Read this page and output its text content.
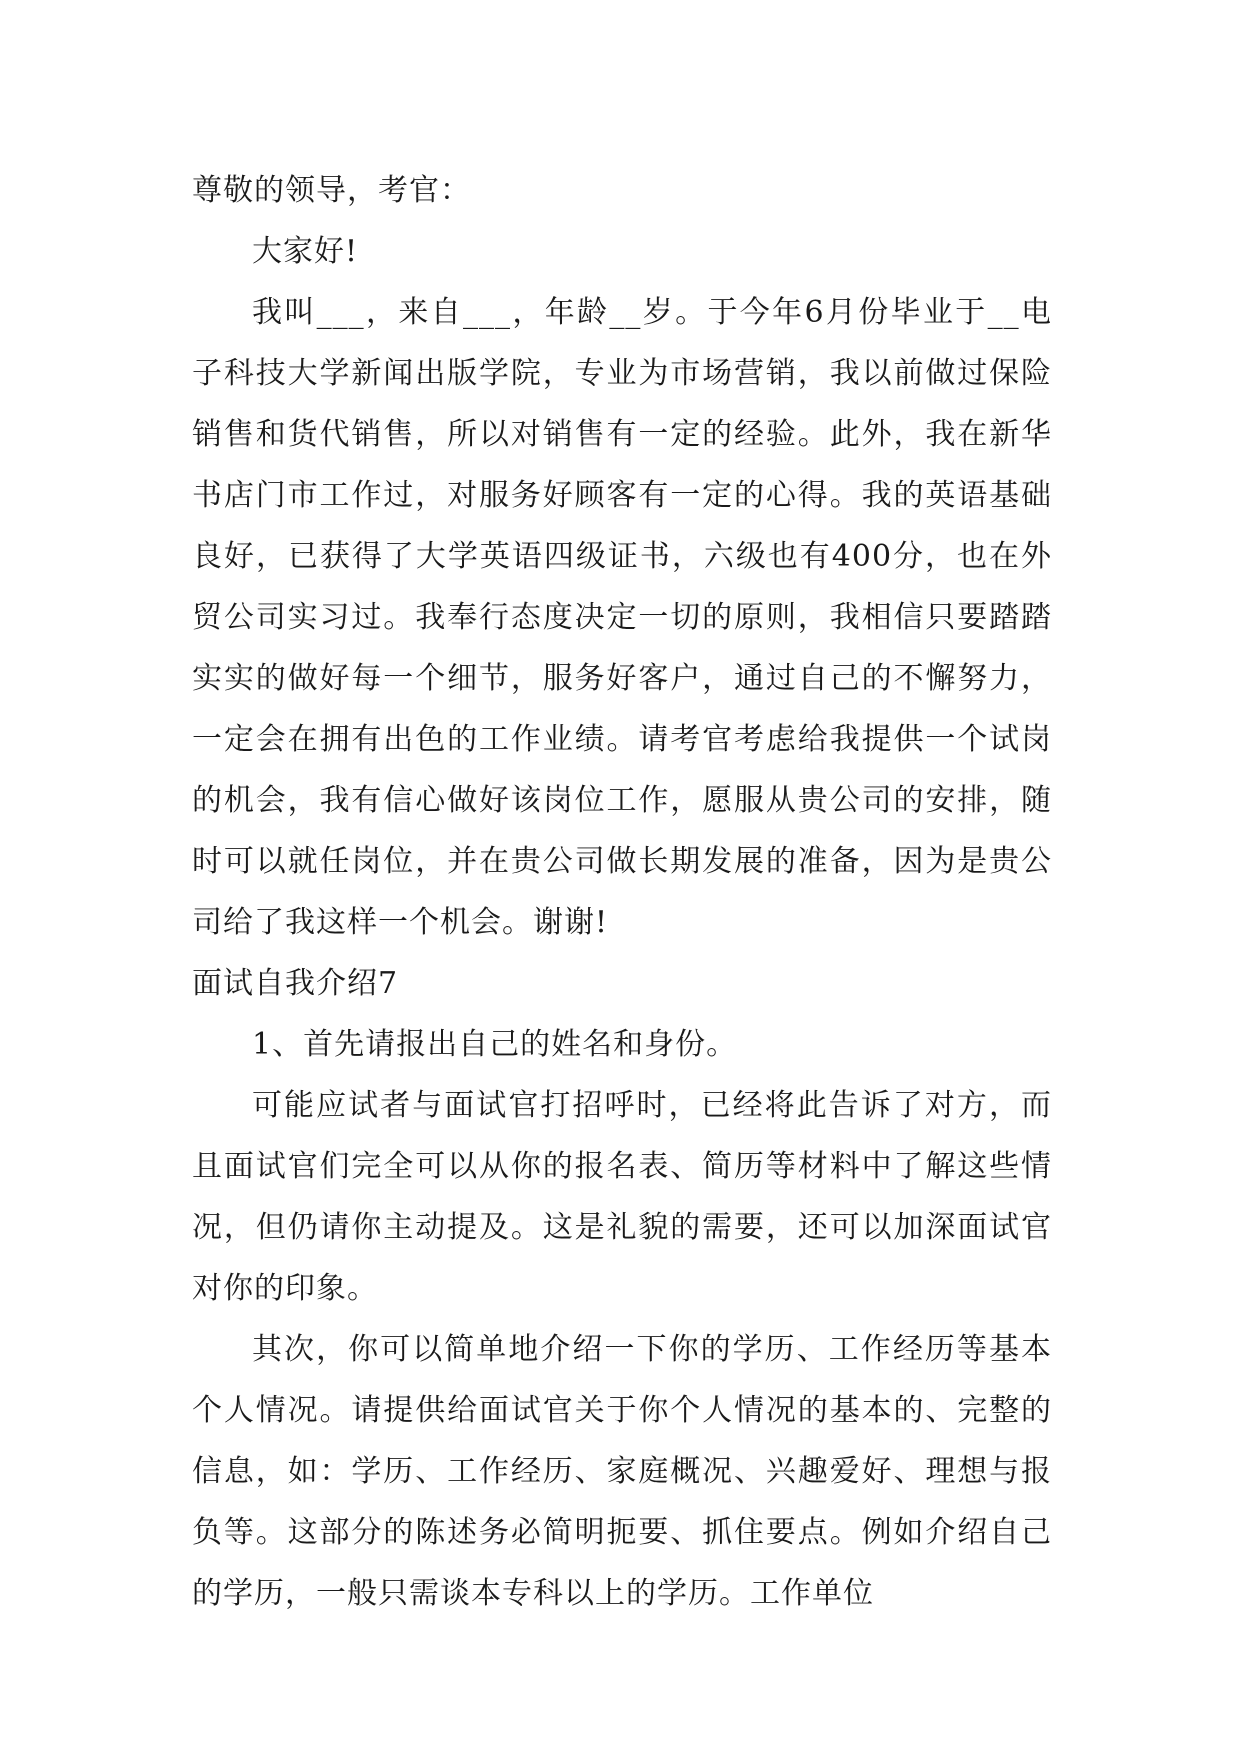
尊敬的领导，考官：

大家好!

我叫___，来自___，年龄__岁。于今年6月份毕业于__电子科技大学新闻出版学院，专业为市场营销，我以前做过保险销售和货代销售，所以对销售有一定的经验。此外，我在新华书店门市工作过，对服务好顾客有一定的心得。我的英语基础良好，已获得了大学英语四级证书，六级也有400分，也在外贸公司实习过。我奉行态度决定一切的原则，我相信只要踏踏实实的做好每一个细节，服务好客户，通过自己的不懈努力，一定会在拥有出色的工作业绩。请考官考虑给我提供一个试岗的机会，我有信心做好该岗位工作，愿服从贵公司的安排，随时可以就任岗位，并在贵公司做长期发展的准备，因为是贵公司给了我这样一个机会。谢谢!

面试自我介绍7

1、首先请报出自己的姓名和身份。

可能应试者与面试官打招呼时，已经将此告诉了对方，而且面试官们完全可以从你的报名表、简历等材料中了解这些情况，但仍请你主动提及。这是礼貌的需要，还可以加深面试官对你的印象。

其次，你可以简单地介绍一下你的学历、工作经历等基本个人情况。请提供给面试官关于你个人情况的基本的、完整的信息，如：学历、工作经历、家庭概况、兴趣爱好、理想与报负等。这部分的陈述务必简明扼要、抓住要点。例如介绍自己的学历，一般只需谈本专科以上的学历。工作单位
